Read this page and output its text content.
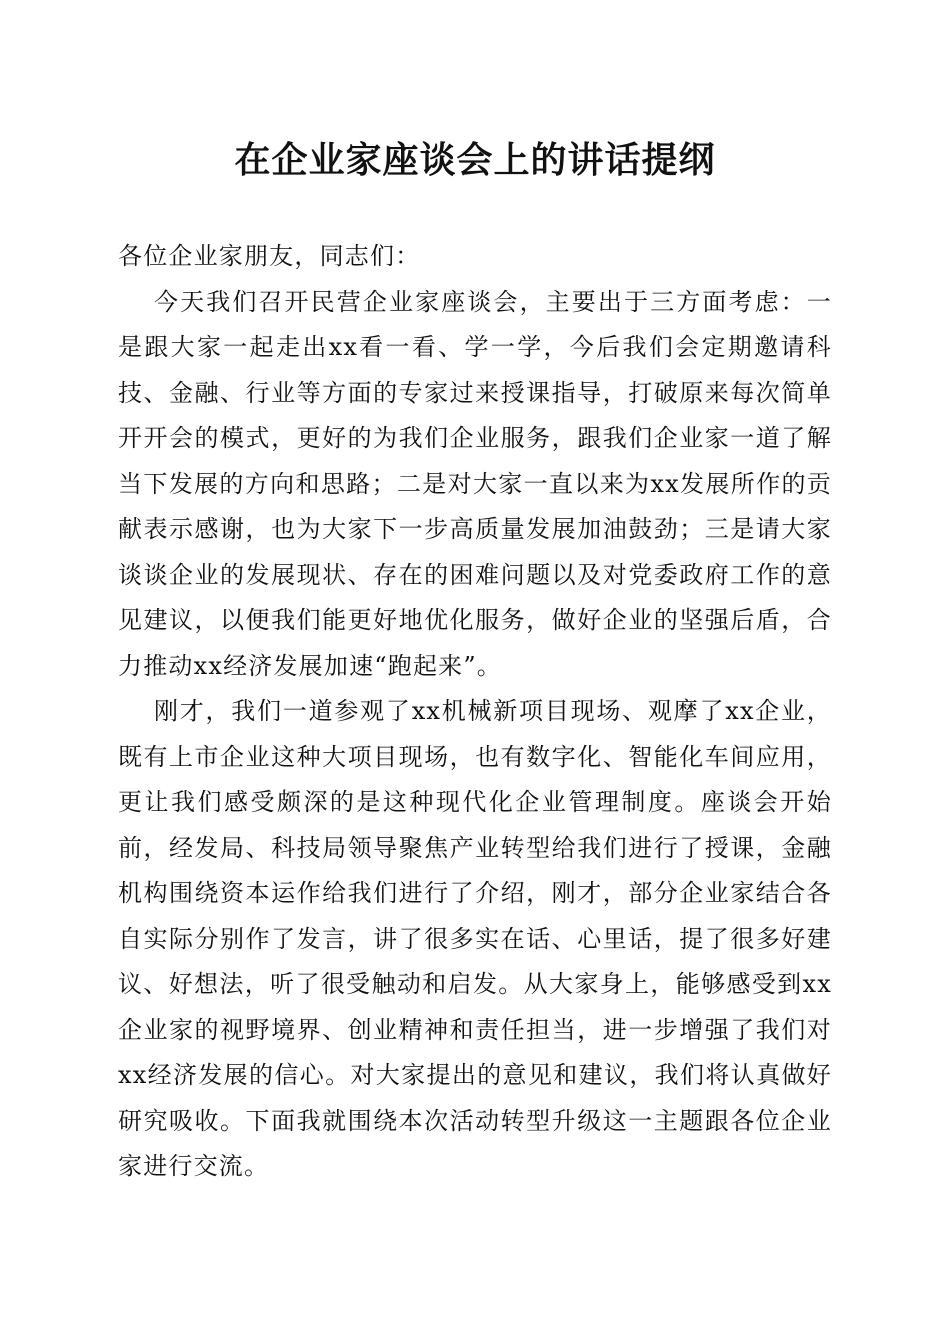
在企业家座谈会上的讲话提纲

各位企业家朋友，同志们：

今天我们召开民营企业家座谈会，主要出于三方面考虑：一是跟大家一起走出xx看一看、学一学，今后我们会定期邀请科技、金融、行业等方面的专家过来授课指导，打破原来每次简单开开会的模式，更好的为我们企业服务，跟我们企业家一道了解当下发展的方向和思路；二是对大家一直以来为xx发展所作的贡献表示感谢，也为大家下一步高质量发展加油鼓劲；三是请大家谈谈企业的发展现状、存在的困难问题以及对党委政府工作的意见建议，以便我们能更好地优化服务，做好企业的坚强后盾，合力推动xx经济发展加速“跑起来”。

刚才，我们一道参观了xx机械新项目现场、观摩了xx企业，既有上市企业这种大项目现场，也有数字化、智能化车间应用，更让我们感受颇深的是这种现代化企业管理制度。座谈会开始前，经发局、科技局领导聚焦产业转型给我们进行了授课，金融机构围绕资本运作给我们进行了介绍，刚才，部分企业家结合各自实际分别作了发言，讲了很多实在话、心里话，提了很多好建议、好想法，听了很受触动和启发。从大家身上，能够感受到xx企业家的视野境界、创业精神和责任担当，进一步增强了我们对xx经济发展的信心。对大家提出的意见和建议，我们将认真做好研究吸收。下面我就围绕本次活动转型升级这一主题跟各位企业家进行交流。
